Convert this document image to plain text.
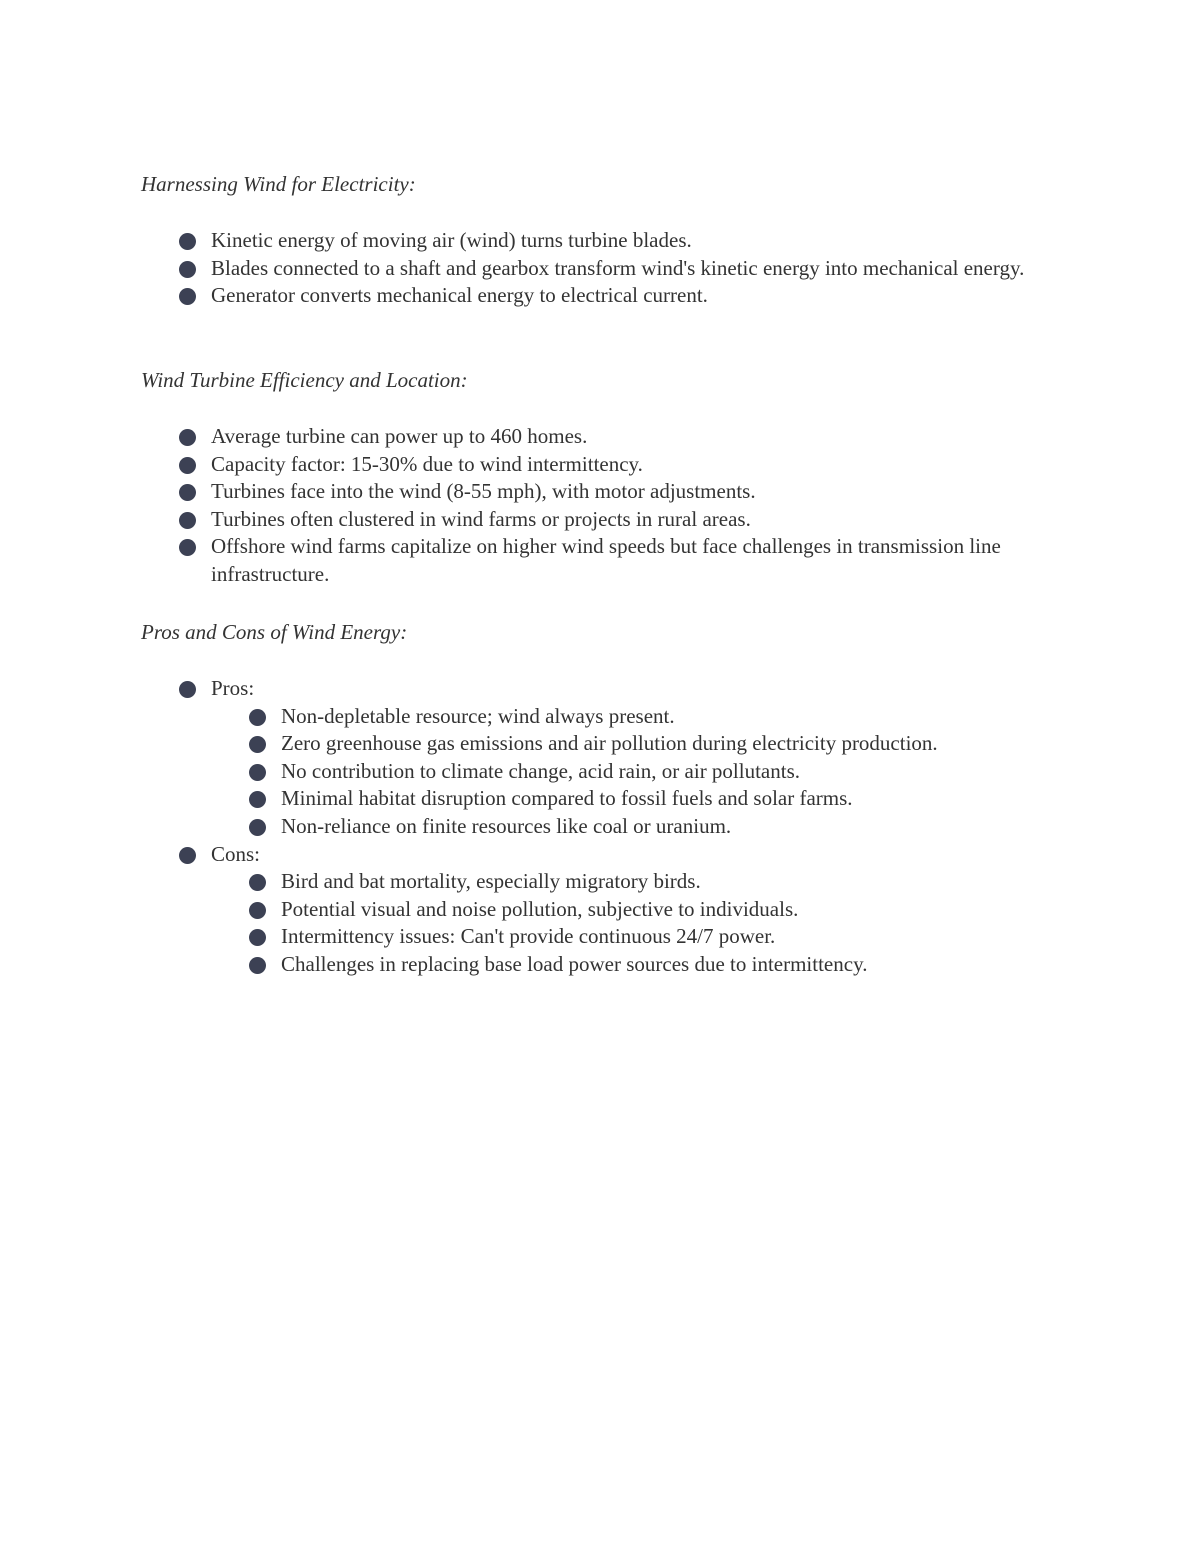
Harnessing Wind for Electricity:

Kinetic energy of moving air (wind) turns turbine blades.
Blades connected to a shaft and gearbox transform wind's kinetic energy into mechanical energy.
Generator converts mechanical energy to electrical current.

Wind Turbine Efficiency and Location:

Average turbine can power up to 460 homes.
Capacity factor: 15-30% due to wind intermittency.
Turbines face into the wind (8-55 mph), with motor adjustments.
Turbines often clustered in wind farms or projects in rural areas.
Offshore wind farms capitalize on higher wind speeds but face challenges in transmission line infrastructure.

Pros and Cons of Wind Energy:

Pros:
Non-depletable resource; wind always present.
Zero greenhouse gas emissions and air pollution during electricity production.
No contribution to climate change, acid rain, or air pollutants.
Minimal habitat disruption compared to fossil fuels and solar farms.
Non-reliance on finite resources like coal or uranium.
Cons:
Bird and bat mortality, especially migratory birds.
Potential visual and noise pollution, subjective to individuals.
Intermittency issues: Can't provide continuous 24/7 power.
Challenges in replacing base load power sources due to intermittency.
